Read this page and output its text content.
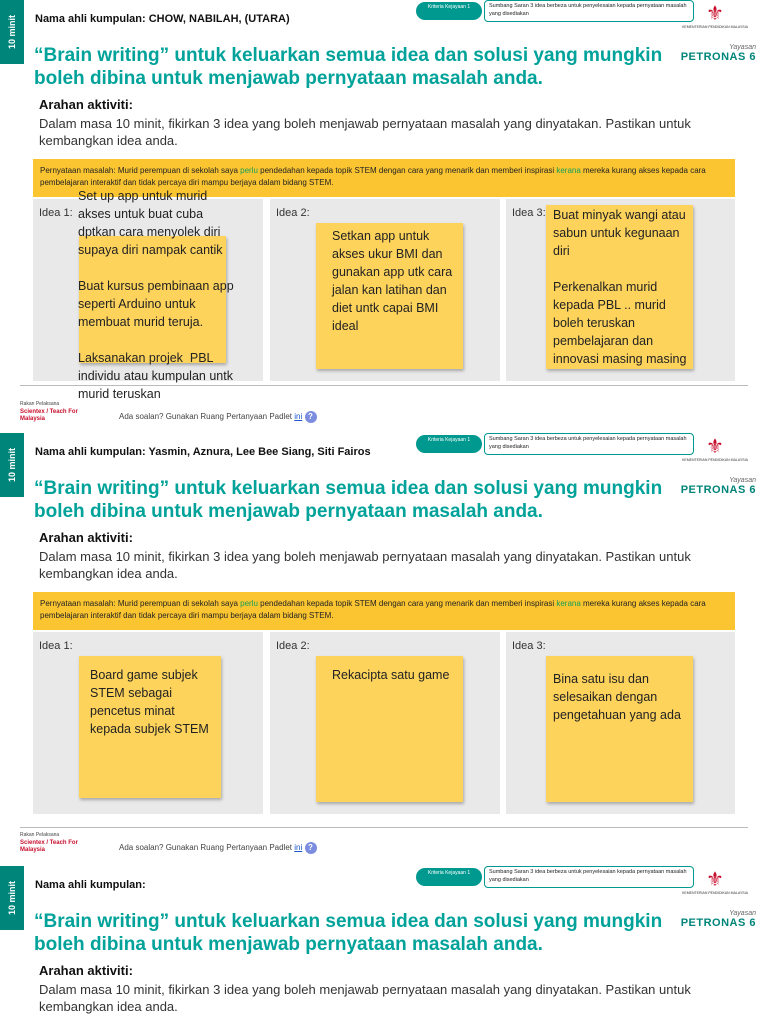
10 minit Nama ahli kumpulan: CHOW, NABILAH, (UTARA)
Kriteria Kejayaan 1	Sumbang Saran 3 idea berbeza untuk penyelesaian kepada pernyataan masalah yang disediakan	⚜
KEMENTERIAN PENDIDIKAN MALAYSIA
Yayasan
PETRONAS 6
“Brain writing” untuk keluarkan semua idea dan solusi yang mungkin boleh dibina untuk menjawab pernyataan masalah anda.
Arahan aktiviti:
Dalam masa 10 minit, fikirkan 3 idea yang boleh menjawab pernyataan masalah yang dinyatakan. Pastikan untuk kembangkan idea anda.
Pernyataan masalah: Murid perempuan di sekolah saya perlu pendedahan kepada topik STEM dengan cara yang menarik dan memberi inspirasi kerana mereka kurang akses kepada cara pembelajaran interaktif dan tidak percaya diri mampu berjaya dalam bidang STEM.
Idea 1:
Set up app untuk murid akses untuk buat cuba dptkan cara menyolek diri supaya diri nampak cantik

Buat kursus pembinaan app seperti Arduino untuk membuat murid teruja.

Laksanakan projek  PBL individu atau kumpulan untk murid teruskan
Idea 2:
Setkan app untuk akses ukur BMI dan gunakan app utk cara jalan kan latihan dan diet untk capai BMI ideal
Idea 3: Buat minyak wangi atau sabun untuk kegunaan diri

Perkenalkan murid kepada PBL .. murid boleh teruskan pembelajaran dan innovasi masing masing
Rakan Pelaksana
Scientex / Teach For Malaysia	Ada soalan? Gunakan Ruang Pertanyaan Padlet ini ?
10 minit Nama ahli kumpulan: Yasmin, Aznura, Lee Bee Siang, Siti Fairos
Kriteria Kejayaan 1	Sumbang Saran 3 idea berbeza untuk penyelesaian kepada pernyataan masalah yang disediakan	⚜
KEMENTERIAN PENDIDIKAN MALAYSIA
Yayasan
PETRONAS 6
“Brain writing” untuk keluarkan semua idea dan solusi yang mungkin boleh dibina untuk menjawab pernyataan masalah anda.
Arahan aktiviti:
Dalam masa 10 minit, fikirkan 3 idea yang boleh menjawab pernyataan masalah yang dinyatakan. Pastikan untuk kembangkan idea anda.
Pernyataan masalah: Murid perempuan di sekolah saya perlu pendedahan kepada topik STEM dengan cara yang menarik dan memberi inspirasi kerana mereka kurang akses kepada cara pembelajaran interaktif dan tidak percaya diri mampu berjaya dalam bidang STEM.
Idea 1:
Board game subjek STEM sebagai pencetus minat kepada subjek STEM
Idea 2:
Rekacipta satu game
Idea 3:
Bina satu isu dan selesaikan dengan pengetahuan yang ada
Rakan Pelaksana
Scientex / Teach For Malaysia	Ada soalan? Gunakan Ruang Pertanyaan Padlet ini ?
10 minit Nama ahli kumpulan:
Kriteria Kejayaan 1	Sumbang Saran 3 idea berbeza untuk penyelesaian kepada pernyataan masalah yang disediakan	⚜
KEMENTERIAN PENDIDIKAN MALAYSIA
Yayasan
PETRONAS 6
“Brain writing” untuk keluarkan semua idea dan solusi yang mungkin boleh dibina untuk menjawab pernyataan masalah anda.
Arahan aktiviti:
Dalam masa 10 minit, fikirkan 3 idea yang boleh menjawab pernyataan masalah yang dinyatakan. Pastikan untuk kembangkan idea anda.
